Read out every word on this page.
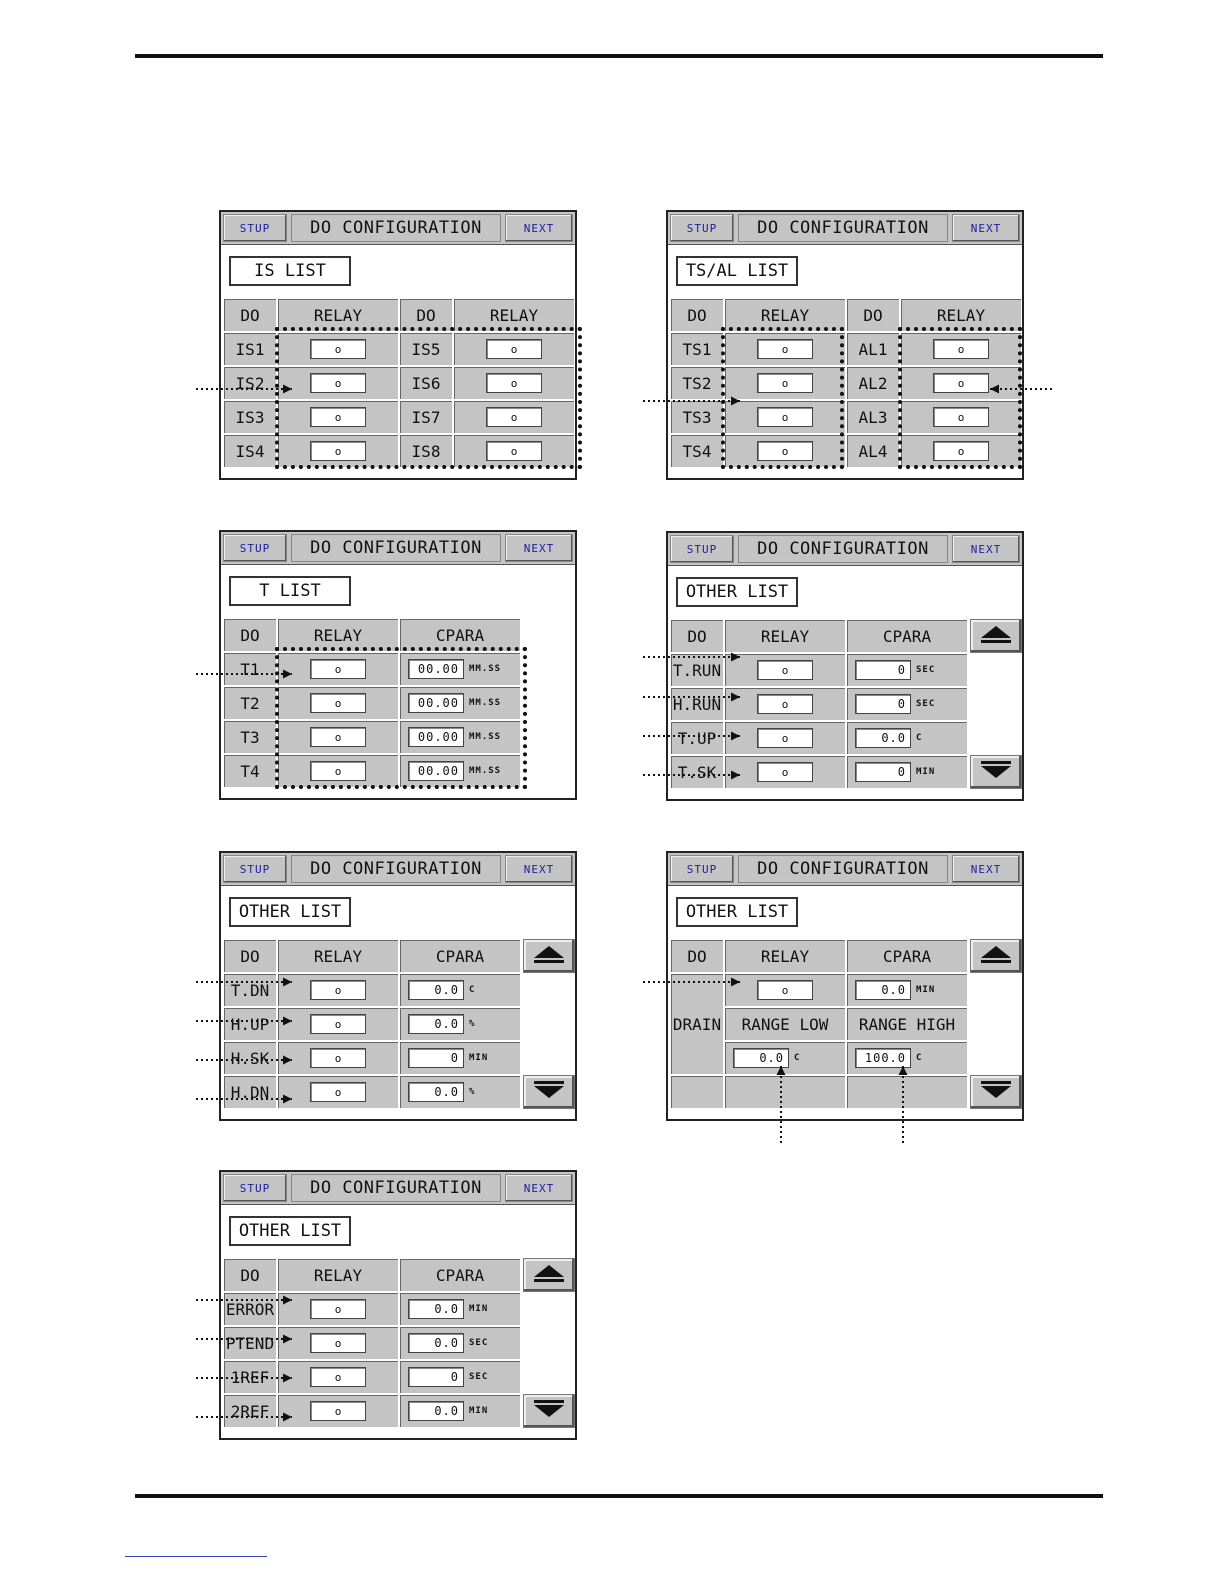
STUP	DO CONFIGURATION	NEXT
IS LIST
DO	RELAY	DO	RELAY
IS1	o	IS5	o
IS2	o	IS6	o
IS3	o	IS7	o
IS4	o	IS8	o
STUP	DO CONFIGURATION	NEXT
TS/AL LIST
DO	RELAY	DO	RELAY
TS1	o	AL1	o
TS2	o	AL2	o
TS3	o	AL3	o
TS4	o	AL4	o
STUP	DO CONFIGURATION	NEXT
T LIST
DO	RELAY	CPARA
T1	o	00.00	MM.SS
T2	o	00.00	MM.SS
T3	o	00.00	MM.SS
T4	o	00.00	MM.SS
STUP	DO CONFIGURATION	NEXT
OTHER LIST
DO	RELAY	CPARA
T.RUN	o	0	SEC
H.RUN	o	0	SEC
T.UP	o	0.0	C
T.SK	o	0	MIN
STUP	DO CONFIGURATION	NEXT
OTHER LIST
DO	RELAY	CPARA
T.DN	o	0.0	C
H.UP	o	0.0	%
H.SK	o	0	MIN
H.DN	o	0.0	%
STUP	DO CONFIGURATION	NEXT
OTHER LIST
DO	RELAY	CPARA
DRAIN
o	0.0	MIN
RANGE LOW	RANGE HIGH
0.0	C	100.0	C
STUP	DO CONFIGURATION	NEXT
OTHER LIST
DO	RELAY	CPARA
ERROR	o	0.0	MIN
PTEND	o	0.0	SEC
1REF	o	0	SEC
2REF	o	0.0	MIN
